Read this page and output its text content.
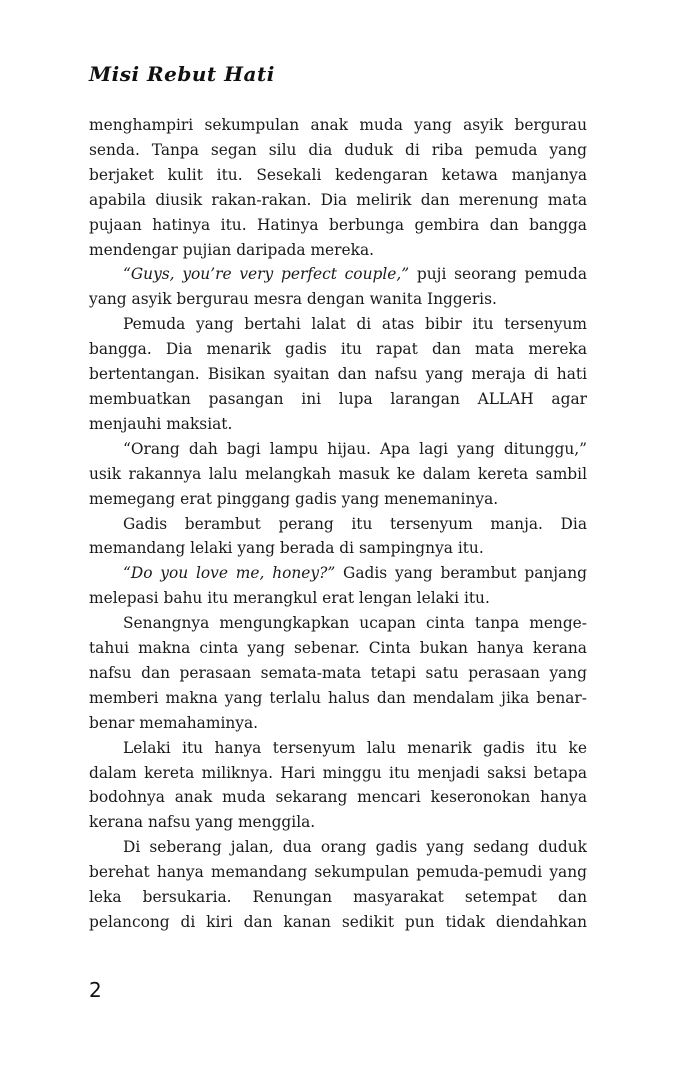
Misi Rebut Hati

menghampiri sekumpulan anak muda yang asyik bergurau senda. Tanpa segan silu dia duduk di riba pemuda yang berjaket kulit itu. Sesekali kedengaran ketawa manjanya apabila diusik rakan-rakan. Dia melirik dan merenung mata pujaan hatinya itu. Hatinya berbunga gembira dan bangga mendengar pujian daripada mereka.

“Guys, you’re very perfect couple,” puji seorang pemuda yang asyik bergurau mesra dengan wanita Inggeris.

Pemuda yang bertahi lalat di atas bibir itu tersenyum bangga. Dia menarik gadis itu rapat dan mata mereka bertentangan. Bisikan syaitan dan nafsu yang meraja di hati membuatkan pasangan ini lupa larangan ALLAH agar menjauhi maksiat.

“Orang dah bagi lampu hijau. Apa lagi yang ditunggu,” usik rakannya lalu melangkah masuk ke dalam kereta sambil memegang erat pinggang gadis yang menemaninya.

Gadis berambut perang itu tersenyum manja. Dia memandang lelaki yang berada di sampingnya itu.

“Do you love me, honey?” Gadis yang berambut panjang melepasi bahu itu merangkul erat lengan lelaki itu.

Senangnya mengungkapkan ucapan cinta tanpa mengetahui makna cinta yang sebenar. Cinta bukan hanya kerana nafsu dan perasaan semata-mata tetapi satu perasaan yang memberi makna yang terlalu halus dan mendalam jika benar-benar memahaminya.

Lelaki itu hanya tersenyum lalu menarik gadis itu ke dalam kereta miliknya. Hari minggu itu menjadi saksi betapa bodohnya anak muda sekarang mencari keseronokan hanya kerana nafsu yang menggila.

Di seberang jalan, dua orang gadis yang sedang duduk berehat hanya memandang sekumpulan pemuda-pemudi yang leka bersukaria. Renungan masyarakat setempat dan pelancong di kiri dan kanan sedikit pun tidak diendahkan

2
